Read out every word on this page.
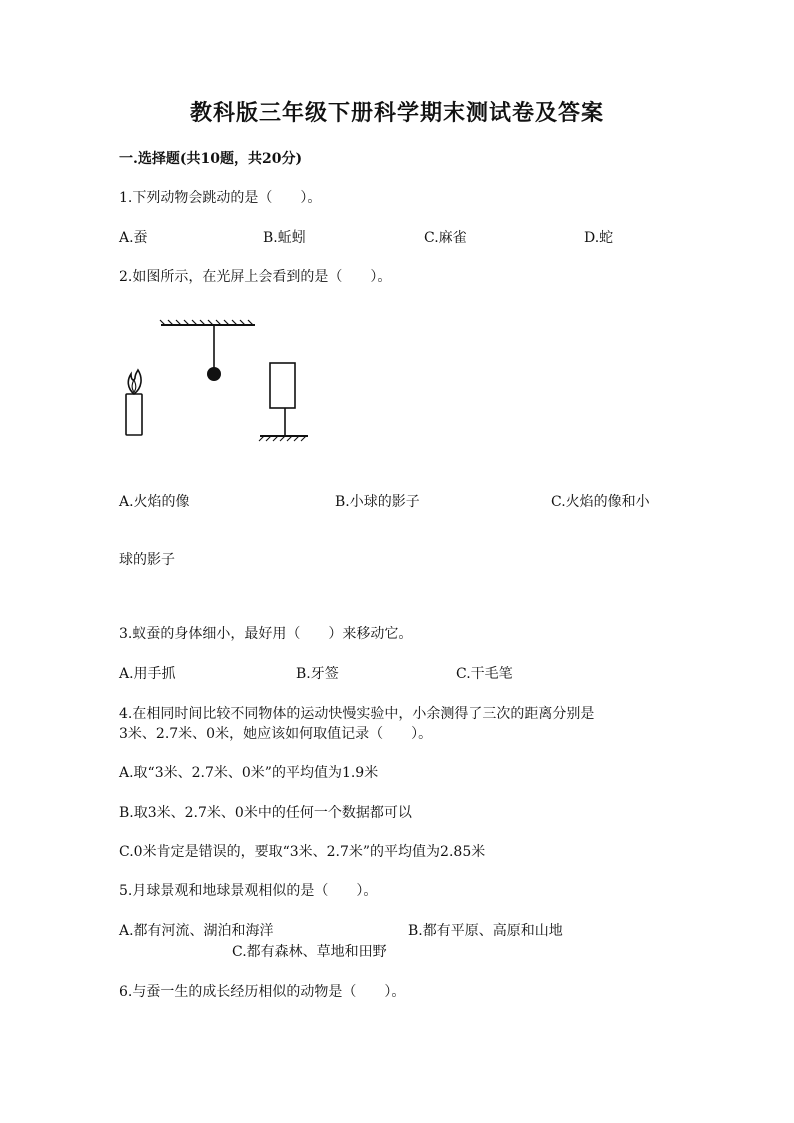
教科版三年级下册科学期末测试卷及答案
一.选择题(共10题，共20分)
1.下列动物会跳动的是（　　）。
A.蚕	B.蚯蚓	C.麻雀	D.蛇
2.如图所示，在光屏上会看到的是（　　）。
A.火焰的像	B.小球的影子	C.火焰的像和小
球的影子
3.蚁蚕的身体细小，最好用（　　）来移动它。
A.用手抓	B.牙签	C.干毛笔
4.在相同时间比较不同物体的运动快慢实验中，小余测得了三次的距离分别是
3米、2.7米、0米，她应该如何取值记录（　　）。
A.取“3米、2.7米、0米”的平均值为1.9米
B.取3米、2.7米、0米中的任何一个数据都可以
C.0米肯定是错误的，要取“3米、2.7米”的平均值为2.85米
5.月球景观和地球景观相似的是（　　）。
A.都有河流、湖泊和海洋	B.都有平原、高原和山地
C.都有森林、草地和田野
6.与蚕一生的成长经历相似的动物是（　　）。
